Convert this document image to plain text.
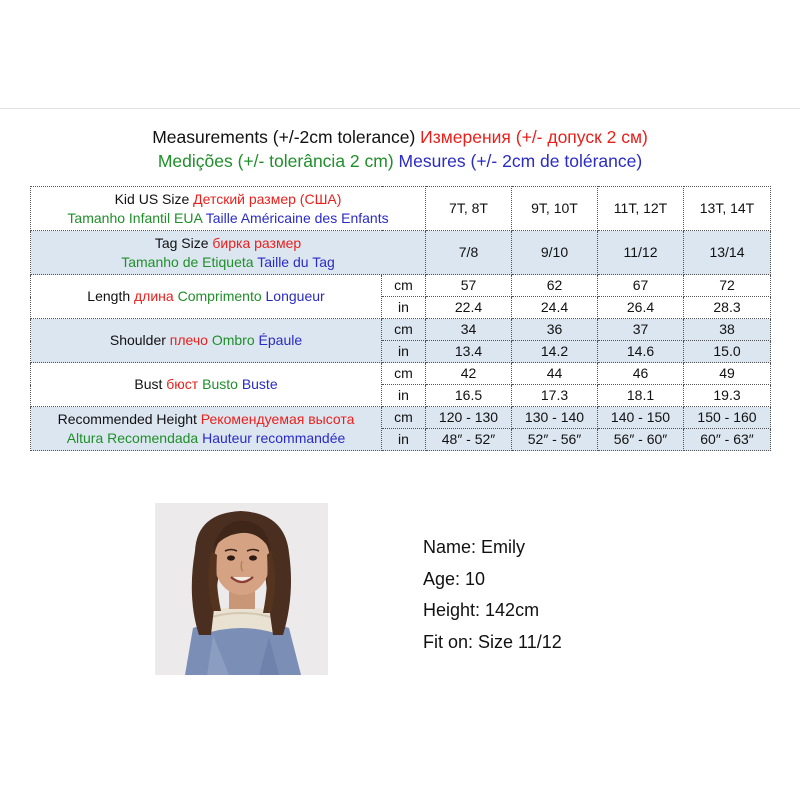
Measurements (+/-2cm tolerance) Измерения (+/- допуск 2 см)
Medições (+/- tolerância 2 cm) Mesures (+/- 2cm de tolérance)
Kid US Size Детский размер (США)
Tamanho Infantil EUA Taille Américaine des Enfants		7T, 8T	9T, 10T	11T, 12T	13T, 14T
Tag Size бирка размер
Tamanho de Etiqueta Taille du Tag		7/8	9/10	11/12	13/14
Length длина Comprimento Longueur	cm	57	62	67	72
	in	22.4	24.4	26.4	28.3
Shoulder плечо Ombro Épaule	cm	34	36	37	38
	in	13.4	14.2	14.6	15.0
Bust бюст Busto Buste	cm	42	44	46	49
	in	16.5	17.3	18.1	19.3
Recommended Height Рекомендуемая высота
Altura Recomendada Hauteur recommandée	cm	120 - 130	130 - 140	140 - 150	150 - 160
	in	48″ - 52″	52″ - 56″	56″ - 60″	60″ - 63″
Name: Emily
Age: 10
Height: 142cm
Fit on: Size 11/12
